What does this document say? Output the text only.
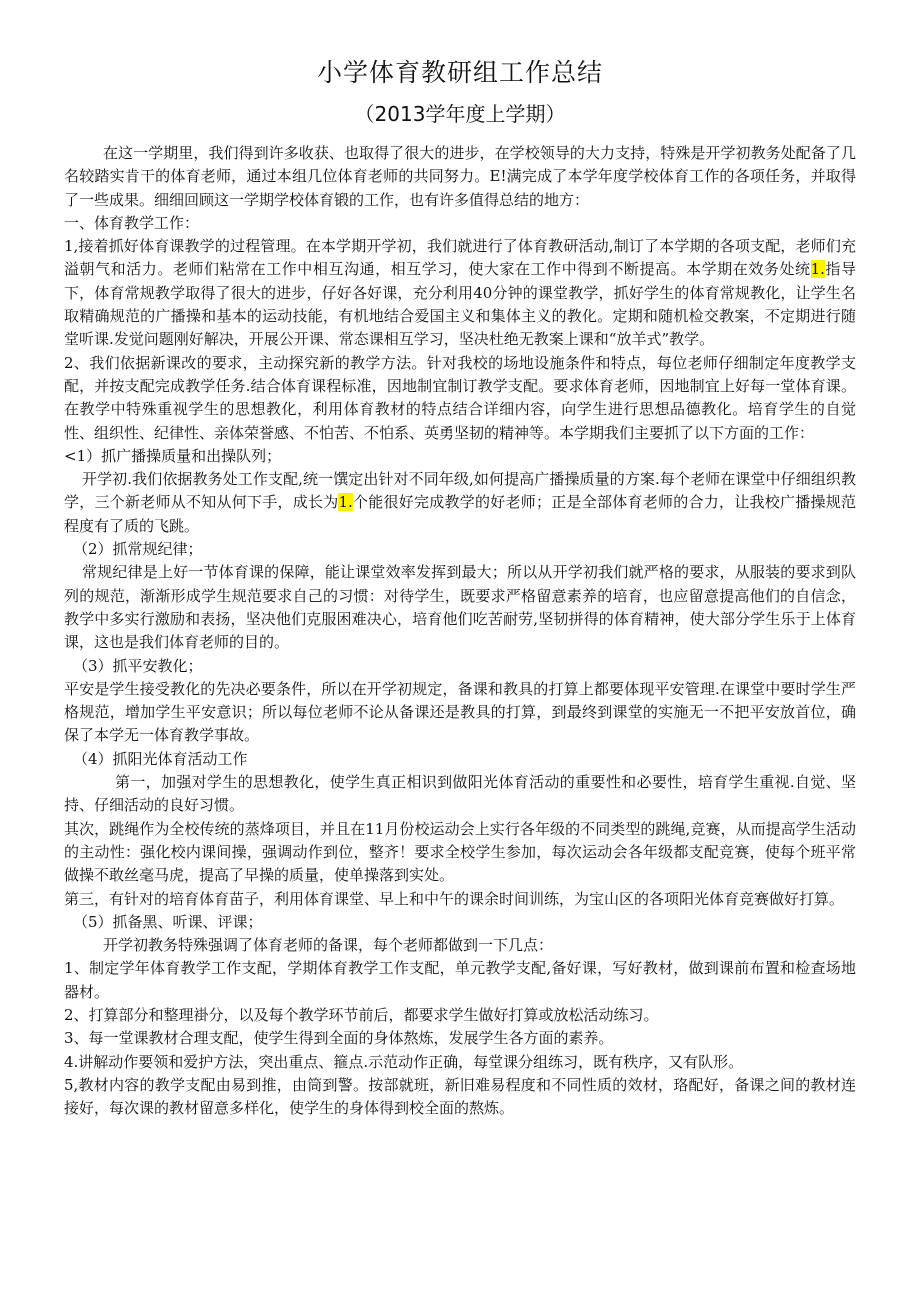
小学体育教研组工作总结
（2013学年度上学期）

在这一学期里，我们得到许多收获、也取得了很大的进步，在学校领导的大力支持，特殊是开学初教务处配备了几名较踏实肯干的体育老师，通过本组几位体育老师的共同努力。E!满完成了本学年度学校体育工作的各项任务，并取得了一些成果。细细回顾这一学期学校体育锻的工作，也有许多值得总结的地方：

一、体育教学工作：

1,接着抓好体育课教学的过程管理。在本学期开学初，我们就进行了体育教研活动,制订了本学期的各项支配，老师们充溢朝气和活力。老师们粘常在工作中相互沟通，相互学习，使大家在工作中得到不断提高。本学期在效务处统1.指导下，体育常规教学取得了很大的进步，仔好各好课，充分利用40分钟的课堂教学，抓好学生的体育常规教化，让学生名取精确规范的广播操和基本的运动技能，有机地结合爱国主义和集体主义的教化。定期和随机检交教案，不定期进行随堂听课.发觉问题刚好解决，开展公开课、常态课相互学习，坚决杜绝无教案上课和“放羊式”教学。

2、我们依据新课改的要求，主动探究新的教学方法。针对我校的场地设施条件和特点，每位老师仔细制定年度教学支配，并按支配完成教学任务.结合体育课程标准，因地制宜制订教学支配。要求体育老师，因地制宜上好每一堂体育课。在教学中特殊重视学生的思想教化，利用体育教材的特点结合详细内容，向学生进行思想品德教化。培育学生的自觉性、组织性、纪律性、亲体荣誉感、不怕苦、不怕系、英勇坚韧的精神等。本学期我们主要抓了以下方面的工作：

<1）抓广播操质量和出操队列；

开学初.我们依据教务处工作支配,统一馔定出针对不同年级,如何提高广播操质量的方案.每个老师在课堂中仔细组织教学，三个新老师从不知从何下手，成长为1.个能很好完成教学的好老师；正是全部体育老师的合力，让我校广播操规范程度有了质的飞跳。

（2）抓常规纪律；

常规纪律是上好一节体育课的保障，能让课堂效率发挥到最大；所以从开学初我们就严格的要求，从服装的要求到队列的规范，渐渐形成学生规范要求自己的习惯：对待学生，既要求严格留意素养的培育，也应留意提高他们的自信念，教学中多实行激励和表扬，坚决他们克服困难决心，培育他们吃苦耐劳,坚韧拼得的体育精神，使大部分学生乐于上体育课，这也是我们体育老师的目的。

（3）抓平安教化；

平安是学生接受教化的先决必要条件，所以在开学初规定，备课和教具的打算上都要体现平安管理.在课堂中要时学生严格规范，增加学生平安意识；所以每位老师不论从备课还是教具的打算，到最终到课堂的实施无一不把平安放首位，确保了本学无一体育教学事故。

（4）抓阳光体育活动工作

第一，加强对学生的思想教化，使学生真正相识到做阳光体育活动的重要性和必要性，培育学生重视.自觉、坚持、仔细活动的良好习惯。

其次，跳绳作为全校传统的蒸烽项目，并且在11月份校运动会上实行各年级的不同类型的跳绳,竞赛，从而提高学生活动的主动性：强化校内课间操，强调动作到位，整齐！要求全校学生参加，每次运动会各年级都支配竞赛，使每个班平常做操不敢丝毫马虎，提高了早操的质量，使单操落到实处。

第三，有针对的培育体育苗子，利用体育课堂、早上和中午的课余时间训练，为宝山区的各项阳光体育竞赛做好打算。

（5）抓备黑、听课、评课；

开学初教务特殊强调了体育老师的备课，每个老师都做到一下几点：

1、制定学年体育教学工作支配，学期体育教学工作支配，单元教学支配,备好课，写好教材，做到课前布置和检查场地器材。

2、打算部分和整理褂分，以及每个教学环节前后，都要求学生做好打算或放松活动练习。

3、每一堂课教材合理支配，使学生得到全面的身体熬炼，发展学生各方面的素养。

4.讲解动作要领和爱护方法，突出重点、箍点.示范动作正确，每堂课分组练习，既有秩序，又有队形。

5,教材内容的教学支配由易到推，由筒到警。按部就班，新旧难易程度和不同性质的效材，珞配好，备课之间的教材连接好，每次课的教材留意多样化，使学生的身体得到校全面的熬炼。
